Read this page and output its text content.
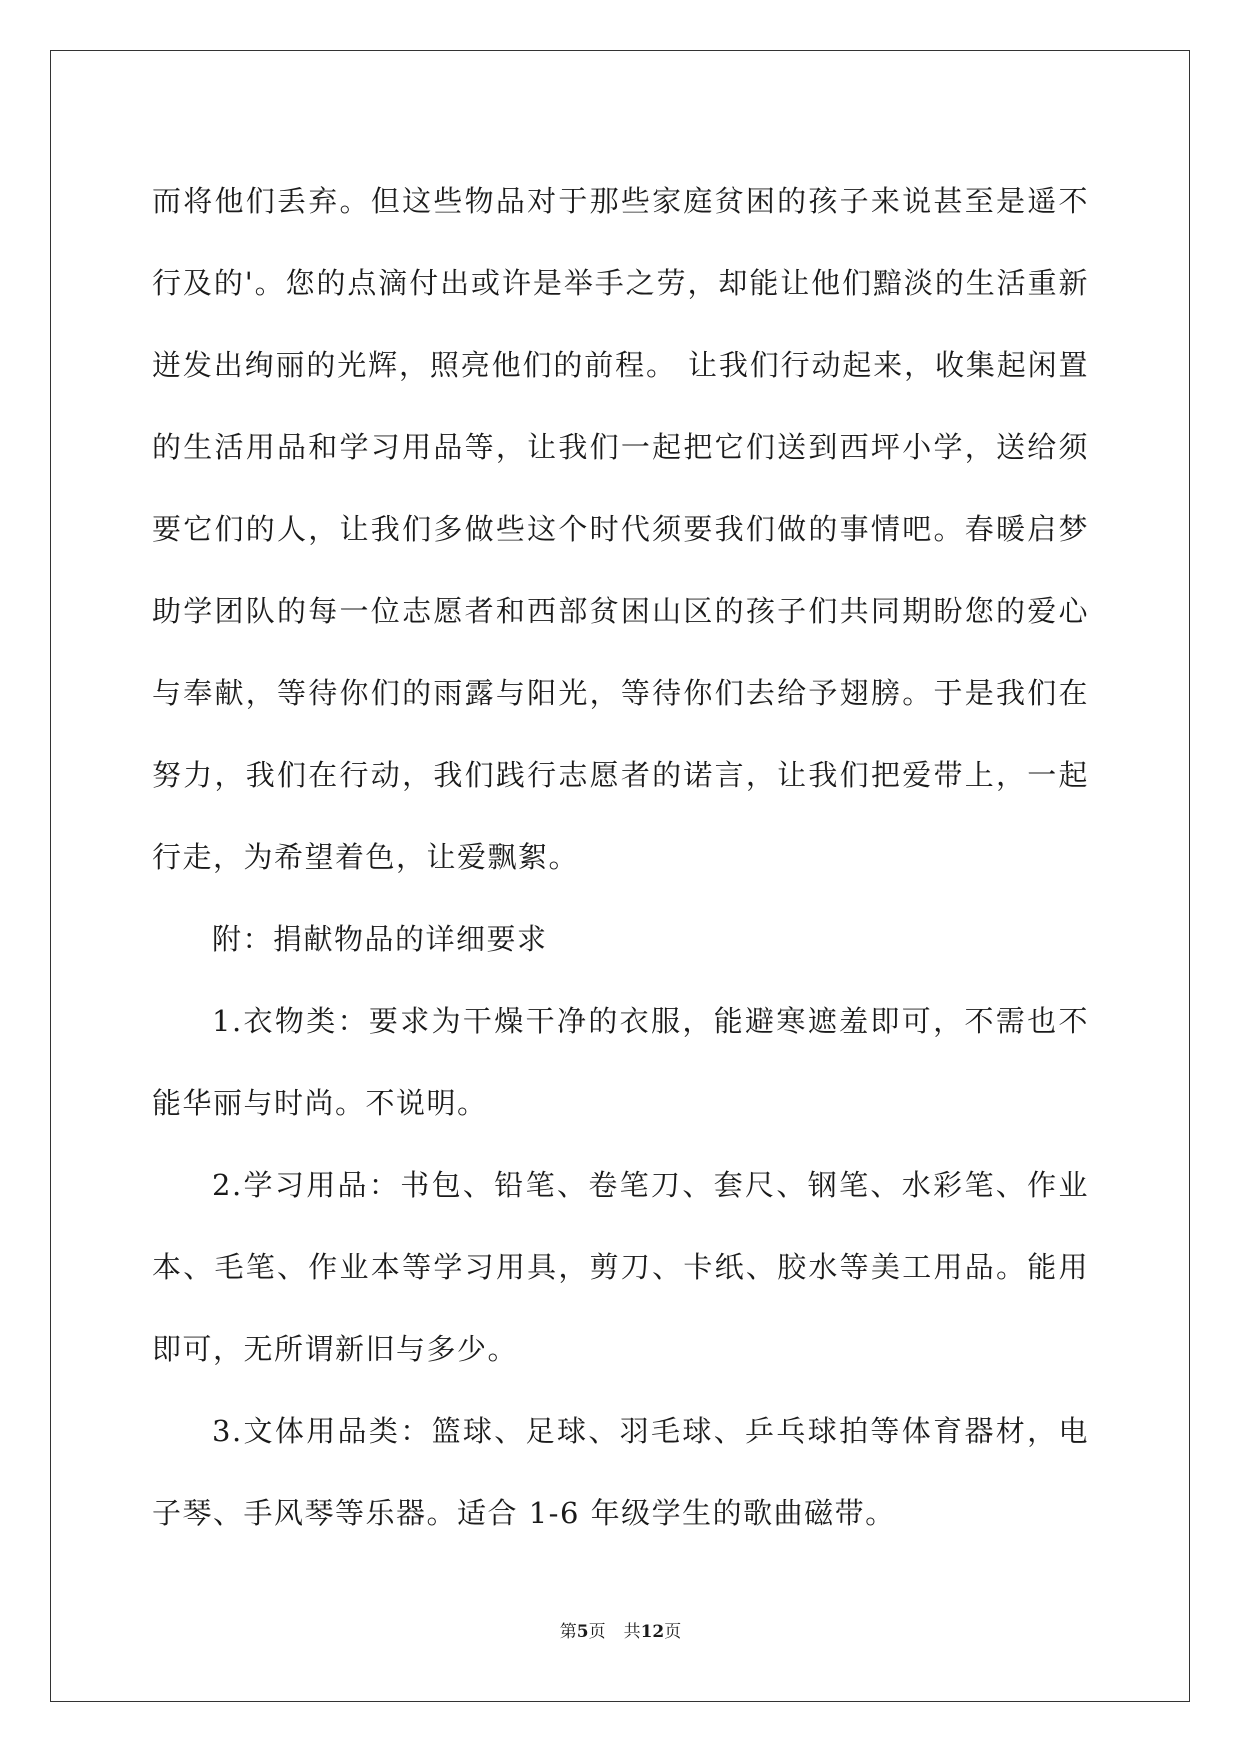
而将他们丢弃。但这些物品对于那些家庭贫困的孩子来说甚至是遥不行及的'。您的点滴付出或许是举手之劳，却能让他们黯淡的生活重新迸发出绚丽的光辉，照亮他们的前程。 让我们行动起来，收集起闲置的生活用品和学习用品等，让我们一起把它们送到西坪小学，送给须要它们的人，让我们多做些这个时代须要我们做的事情吧。春暖启梦助学团队的每一位志愿者和西部贫困山区的孩子们共同期盼您的爱心与奉献，等待你们的雨露与阳光，等待你们去给予翅膀。于是我们在努力，我们在行动，我们践行志愿者的诺言，让我们把爱带上，一起行走，为希望着色，让爱飘絮。

附：捐献物品的详细要求

1.衣物类：要求为干燥干净的衣服，能避寒遮羞即可，不需也不能华丽与时尚。不说明。

2.学习用品：书包、铅笔、卷笔刀、套尺、钢笔、水彩笔、作业本、毛笔、作业本等学习用具，剪刀、卡纸、胶水等美工用品。能用即可，无所谓新旧与多少。

3.文体用品类：篮球、足球、羽毛球、乒乓球拍等体育器材，电子琴、手风琴等乐器。适合 1-6 年级学生的歌曲磁带。

第5页 共12页
